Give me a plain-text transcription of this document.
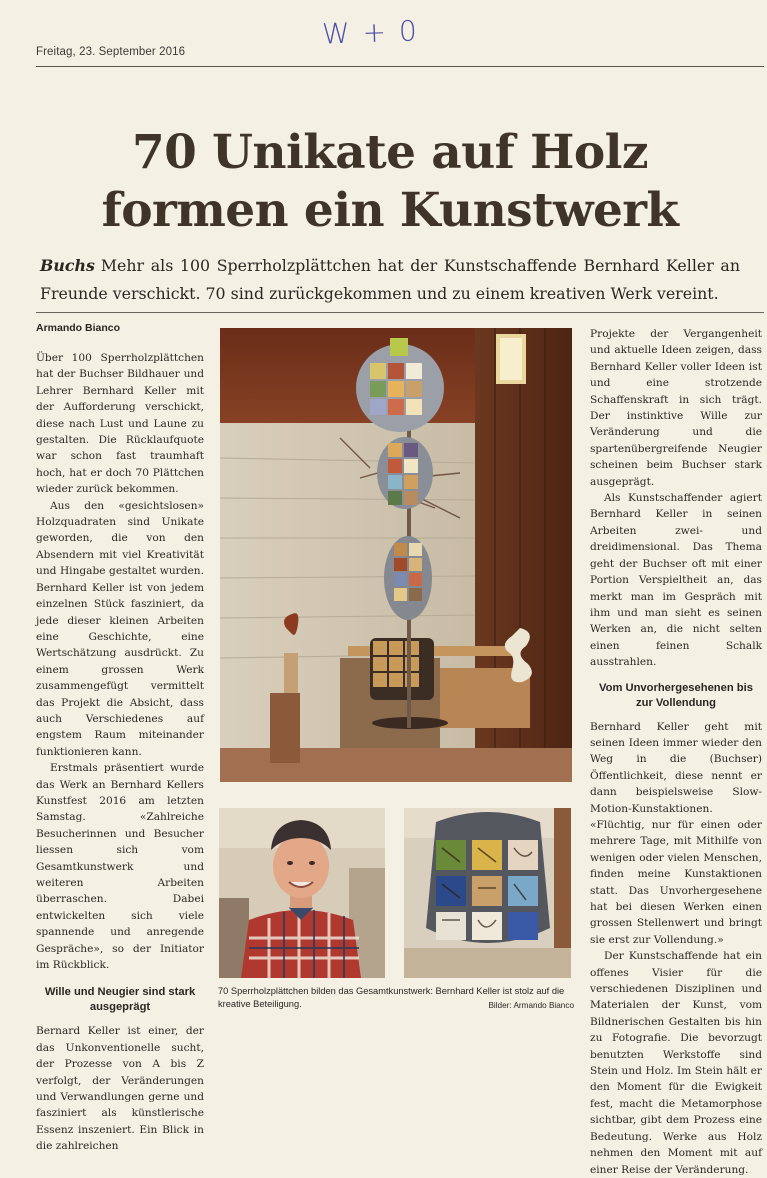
Freitag, 23. September 2016
W + 0
70 Unikate auf Holz
formen ein Kunstwerk
Buchs Mehr als 100 Sperrholzplättchen hat der Kunstschaffende Bernhard Keller an Freunde verschickt. 70 sind zurückgekommen und zu einem kreativen Werk vereint.
Armando Bianco

Über 100 Sperrholzplättchen hat der Buchser Bildhauer und Lehrer Bernhard Keller mit der Aufforderung verschickt, diese nach Lust und Laune zu gestalten. Die Rücklaufquote war schon fast traumhaft hoch, hat er doch 70 Plättchen wieder zurück bekommen.

Aus den «gesichtslosen» Holzquadraten sind Unikate geworden, die von den Absendern mit viel Kreativität und Hingabe gestaltet wurden. Bernhard Keller ist von jedem einzelnen Stück fasziniert, da jede dieser kleinen Arbeiten eine Geschichte, eine Wertschätzung ausdrückt. Zu einem grossen Werk zusammengefügt vermittelt das Projekt die Absicht, dass auch Verschiedenes auf engstem Raum miteinander funktionieren kann.

Erstmals präsentiert wurde das Werk an Bernhard Kellers Kunstfest 2016 am letzten Samstag. «Zahlreiche Besucherinnen und Besucher liessen sich vom Gesamtkunstwerk und weiteren Arbeiten überraschen. Dabei entwickelten sich viele spannende und anregende Gespräche», so der Initiator im Rückblick.

Wille und Neugier sind stark ausgeprägt

Bernard Keller ist einer, der das Unkonventionelle sucht, der Prozesse von A bis Z verfolgt, der Veränderungen und Verwandlungen gerne und fasziniert als künstlerische Essenz inszeniert. Ein Blick in die zahlreichen

70 Sperrholzplättchen bilden das Gesamtkunstwerk: Bernhard Keller ist stolz auf die kreative Beteiligung.	Bilder: Armando Bianco

Projekte der Vergangenheit und aktuelle Ideen zeigen, dass Bernhard Keller voller Ideen ist und eine strotzende Schaffenskraft in sich trägt. Der instinktive Wille zur Veränderung und die spartenübergreifende Neugier scheinen beim Buchser stark ausgeprägt.

Als Kunstschaffender agiert Bernhard Keller in seinen Arbeiten zwei- und dreidimensional. Das Thema geht der Buchser oft mit einer Portion Verspieltheit an, das merkt man im Gespräch mit ihm und man sieht es seinen Werken an, die nicht selten einen feinen Schalk ausstrahlen.

Vom Unvorhergesehenen bis zur Vollendung

Bernhard Keller geht mit seinen Ideen immer wieder den Weg in die (Buchser) Öffentlichkeit, diese nennt er dann beispielsweise Slow-Motion-Kunstaktionen. «Flüchtig, nur für einen oder mehrere Tage, mit Mithilfe von wenigen oder vielen Menschen, finden meine Kunstaktionen statt. Das Unvorhergesehene hat bei diesen Werken einen grossen Stellenwert und bringt sie erst zur Vollendung.»

Der Kunstschaffende hat ein offenes Visier für die verschiedenen Disziplinen und Materialen der Kunst, vom Bildnerischen Gestalten bis hin zu Fotografie. Die bevorzugt benutzten Werkstoffe sind Stein und Holz. Im Stein hält er den Moment für die Ewigkeit fest, macht die Metamorphose sichtbar, gibt dem Prozess eine Bedeutung. Werke aus Holz nehmen den Moment mit auf einer Reise der Veränderung.
